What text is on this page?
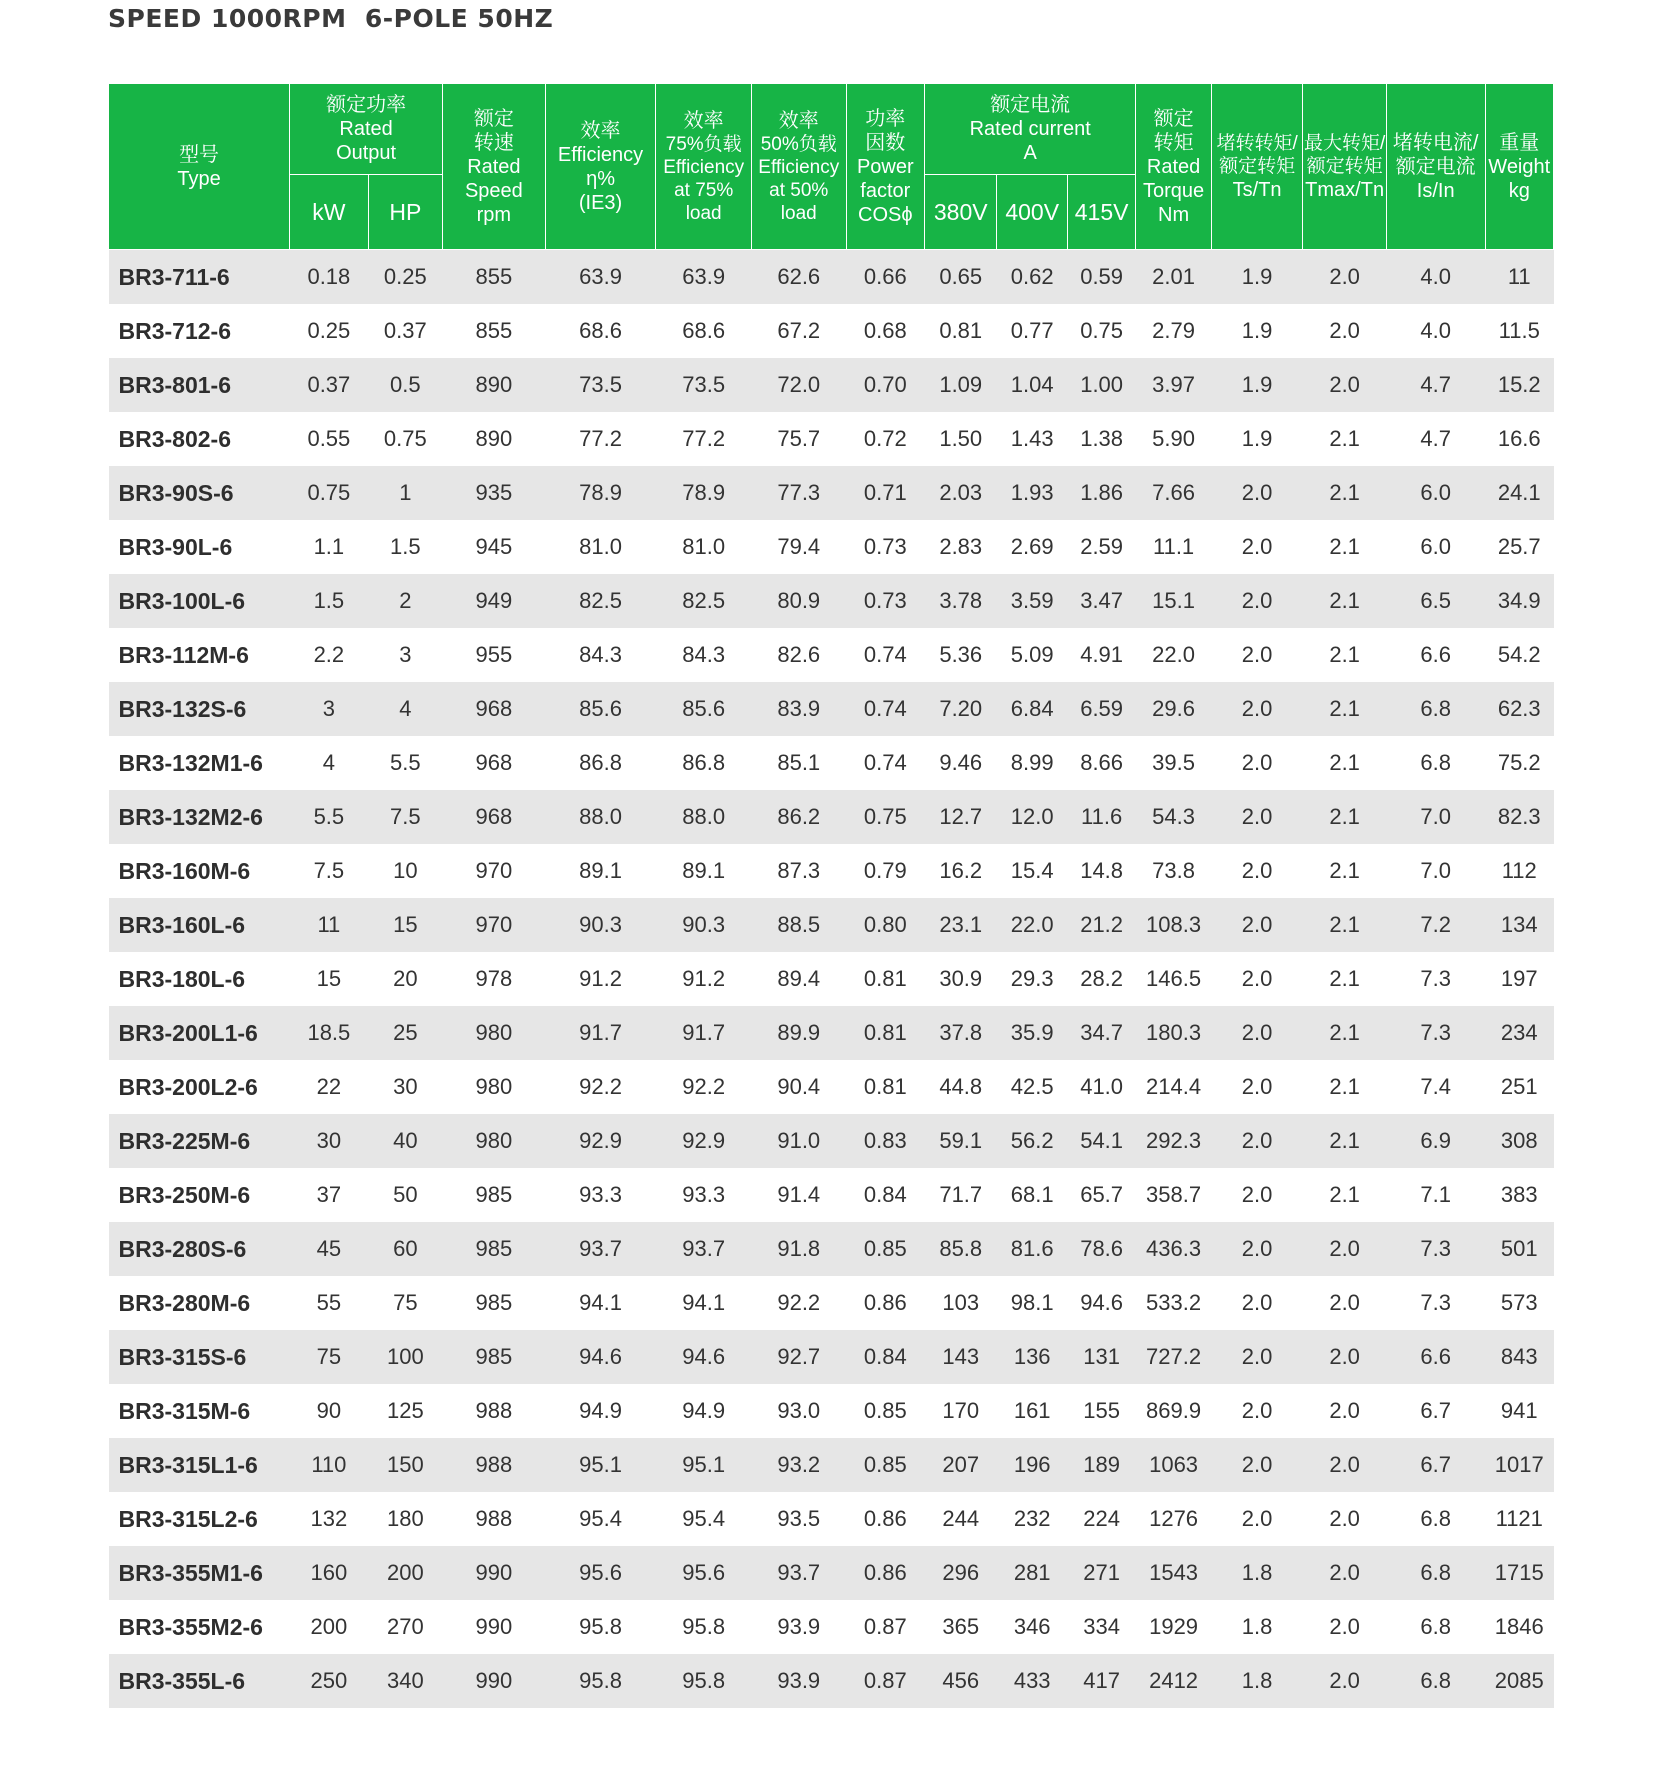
SPEED 1000RPM  6-POLE 50HZ
型号
Type	额定功率
Rated
Output		额定
转速
Rated
Speed
rpm	效率
Efficiency
η%
(IE3)	效率
75%负载
Efficiency
at 75%
load	效率
50%负载
Efficiency
at 50%
load	功率
因数
Power
factor
COSϕ	额定电流
Rated current
A			额定
转矩
Rated
Torque
Nm	堵转转矩/
额定转矩
Ts/Tn	最大转矩/
额定转矩
Tmax/Tn	堵转电流/
额定电流
Is/In	重量
Weight
kg

	kW	HP						380V	400V	415V					
BR3-711-6	0.18	0.25	855	63.9	63.9	62.6	0.66	0.65	0.62	0.59	2.01	1.9	2.0	4.0	11
BR3-712-6	0.25	0.37	855	68.6	68.6	67.2	0.68	0.81	0.77	0.75	2.79	1.9	2.0	4.0	11.5
BR3-801-6	0.37	0.5	890	73.5	73.5	72.0	0.70	1.09	1.04	1.00	3.97	1.9	2.0	4.7	15.2
BR3-802-6	0.55	0.75	890	77.2	77.2	75.7	0.72	1.50	1.43	1.38	5.90	1.9	2.1	4.7	16.6
BR3-90S-6	0.75	1	935	78.9	78.9	77.3	0.71	2.03	1.93	1.86	7.66	2.0	2.1	6.0	24.1
BR3-90L-6	1.1	1.5	945	81.0	81.0	79.4	0.73	2.83	2.69	2.59	11.1	2.0	2.1	6.0	25.7
BR3-100L-6	1.5	2	949	82.5	82.5	80.9	0.73	3.78	3.59	3.47	15.1	2.0	2.1	6.5	34.9
BR3-112M-6	2.2	3	955	84.3	84.3	82.6	0.74	5.36	5.09	4.91	22.0	2.0	2.1	6.6	54.2
BR3-132S-6	3	4	968	85.6	85.6	83.9	0.74	7.20	6.84	6.59	29.6	2.0	2.1	6.8	62.3
BR3-132M1-6	4	5.5	968	86.8	86.8	85.1	0.74	9.46	8.99	8.66	39.5	2.0	2.1	6.8	75.2
BR3-132M2-6	5.5	7.5	968	88.0	88.0	86.2	0.75	12.7	12.0	11.6	54.3	2.0	2.1	7.0	82.3
BR3-160M-6	7.5	10	970	89.1	89.1	87.3	0.79	16.2	15.4	14.8	73.8	2.0	2.1	7.0	112
BR3-160L-6	11	15	970	90.3	90.3	88.5	0.80	23.1	22.0	21.2	108.3	2.0	2.1	7.2	134
BR3-180L-6	15	20	978	91.2	91.2	89.4	0.81	30.9	29.3	28.2	146.5	2.0	2.1	7.3	197
BR3-200L1-6	18.5	25	980	91.7	91.7	89.9	0.81	37.8	35.9	34.7	180.3	2.0	2.1	7.3	234
BR3-200L2-6	22	30	980	92.2	92.2	90.4	0.81	44.8	42.5	41.0	214.4	2.0	2.1	7.4	251
BR3-225M-6	30	40	980	92.9	92.9	91.0	0.83	59.1	56.2	54.1	292.3	2.0	2.1	6.9	308
BR3-250M-6	37	50	985	93.3	93.3	91.4	0.84	71.7	68.1	65.7	358.7	2.0	2.1	7.1	383
BR3-280S-6	45	60	985	93.7	93.7	91.8	0.85	85.8	81.6	78.6	436.3	2.0	2.0	7.3	501
BR3-280M-6	55	75	985	94.1	94.1	92.2	0.86	103	98.1	94.6	533.2	2.0	2.0	7.3	573
BR3-315S-6	75	100	985	94.6	94.6	92.7	0.84	143	136	131	727.2	2.0	2.0	6.6	843
BR3-315M-6	90	125	988	94.9	94.9	93.0	0.85	170	161	155	869.9	2.0	2.0	6.7	941
BR3-315L1-6	110	150	988	95.1	95.1	93.2	0.85	207	196	189	1063	2.0	2.0	6.7	1017
BR3-315L2-6	132	180	988	95.4	95.4	93.5	0.86	244	232	224	1276	2.0	2.0	6.8	1121
BR3-355M1-6	160	200	990	95.6	95.6	93.7	0.86	296	281	271	1543	1.8	2.0	6.8	1715
BR3-355M2-6	200	270	990	95.8	95.8	93.9	0.87	365	346	334	1929	1.8	2.0	6.8	1846
BR3-355L-6	250	340	990	95.8	95.8	93.9	0.87	456	433	417	2412	1.8	2.0	6.8	2085
